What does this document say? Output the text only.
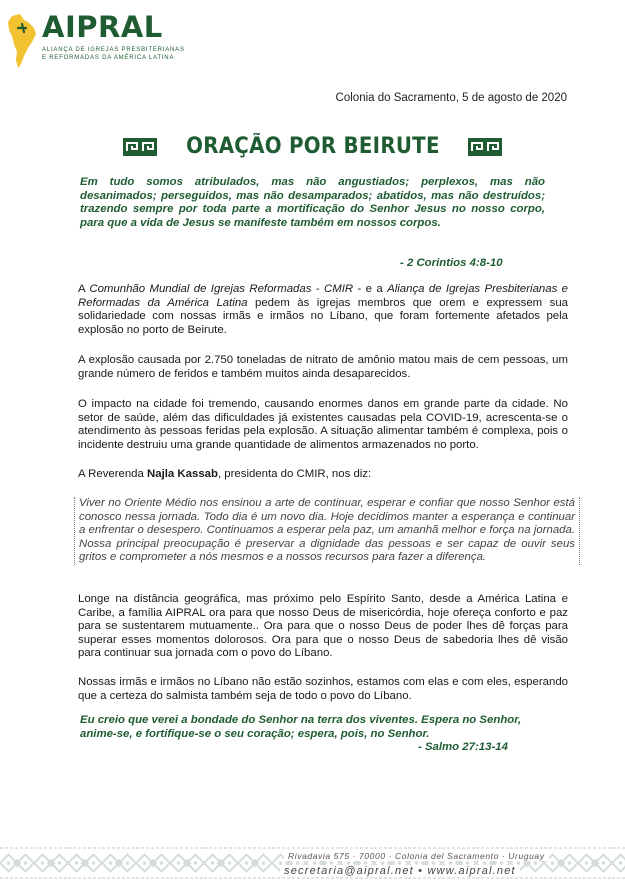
AIPRAL
ALIANÇA DE IGREJAS PRESBITERIANAS
E REFORMADAS DA AMÉRICA LATINA
Colonia do Sacramento, 5 de agosto de 2020
ORAÇÃO POR BEIRUTE
Em tudo somos atribulados, mas não angustiados; perplexos, mas não desanimados; perseguidos, mas não desamparados; abatidos, mas não destruídos; trazendo sempre por toda parte a mortificação do Senhor Jesus no nosso corpo, para que a vida de Jesus se manifeste também em nossos corpos.
- 2 Corintios 4:8-10
A Comunhão Mundial de Igrejas Reformadas - CMIR - e a Aliança de Igrejas Presbiterianas e Reformadas da América Latina pedem às igrejas membros que orem e expressem sua solidariedade com nossas irmãs e irmãos no Líbano, que foram fortemente afetados pela explosão no porto de Beirute.
A explosão causada por 2.750 toneladas de nitrato de amônio matou mais de cem pessoas, um grande número de feridos e também muitos ainda desaparecidos.
O impacto na cidade foi tremendo, causando enormes danos em grande parte da cidade. No setor de saúde, além das dificuldades já existentes causadas pela COVID-19, acrescenta-se o atendimento às pessoas feridas pela explosão. A situação alimentar também é complexa, pois o incidente destruiu uma grande quantidade de alimentos armazenados no porto.
A Reverenda Najla Kassab, presidenta do CMIR, nos diz:
Viver no Oriente Médio nos ensinou a arte de continuar, esperar e confiar que nosso Senhor está conosco nessa jornada. Todo dia é um novo dia. Hoje decidimos manter a esperança e continuar a enfrentar o desespero. Continuamos a esperar pela paz, um amanhã melhor e força na jornada. Nossa principal preocupação é preservar a dignidade das pessoas e ser capaz de ouvir seus gritos e comprometer a nós mesmos e a nossos recursos para fazer a diferença.
Longe na distância geográfica, mas próximo pelo Espírito Santo, desde a América Latina e Caribe, a família AIPRAL ora para que nosso Deus de misericórdia, hoje ofereça conforto e paz para se sustentarem mutuamente.. Ora para que o nosso Deus de poder lhes dê forças para superar esses momentos dolorosos. Ora para que o nosso Deus de sabedoria lhes dê visão para continuar sua jornada com o povo do Líbano.
Nossas irmãs e irmãos no Líbano não estão sozinhos, estamos com elas e com eles, esperando que a certeza do salmista também seja de todo o povo do Líbano.
Eu creio que verei a bondade do Senhor na terra dos viventes. Espera no Senhor, anime-se, e fortifique-se o seu coração; espera, pois, no Senhor.
- Salmo 27:13-14
Rivadavia 575 · 70000 · Colonia del Sacramento · Uruguay
secretaria@aipral.net • www.aipral.net
